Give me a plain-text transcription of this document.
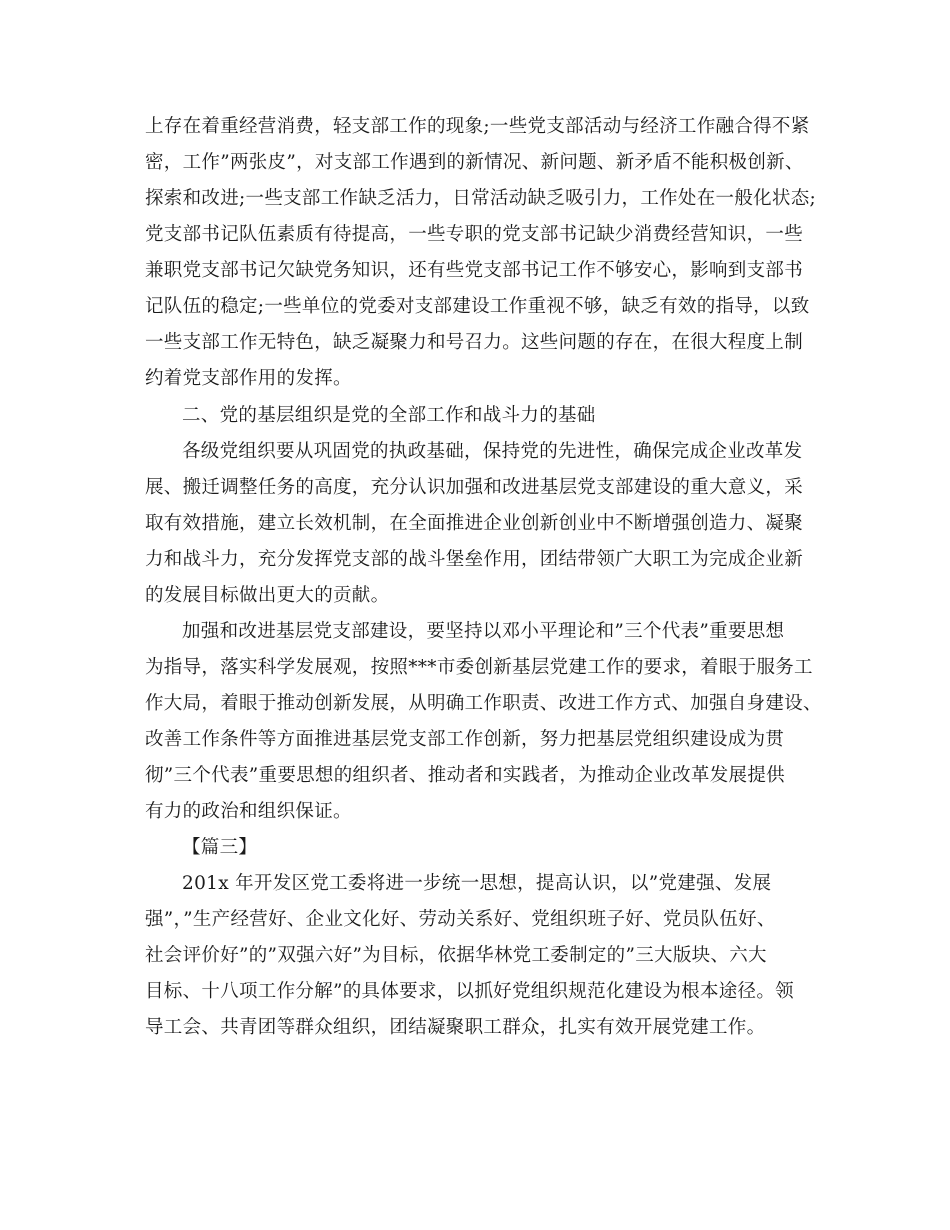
上存在着重经营消费，轻支部工作的现象;一些党支部活动与经济工作融合得不紧
密，工作”两张皮”，对支部工作遇到的新情况、新问题、新矛盾不能积极创新、
探索和改进;一些支部工作缺乏活力，日常活动缺乏吸引力，工作处在一般化状态;
党支部书记队伍素质有待提高，一些专职的党支部书记缺少消费经营知识，一些
兼职党支部书记欠缺党务知识，还有些党支部书记工作不够安心，影响到支部书
记队伍的稳定;一些单位的党委对支部建设工作重视不够，缺乏有效的指导，以致
一些支部工作无特色，缺乏凝聚力和号召力。这些问题的存在，在很大程度上制
约着党支部作用的发挥。
二、党的基层组织是党的全部工作和战斗力的基础
各级党组织要从巩固党的执政基础，保持党的先进性，确保完成企业改革发
展、搬迁调整任务的高度，充分认识加强和改进基层党支部建设的重大意义，采
取有效措施，建立长效机制，在全面推进企业创新创业中不断增强创造力、凝聚
力和战斗力，充分发挥党支部的战斗堡垒作用，团结带领广大职工为完成企业新
的发展目标做出更大的贡献。
加强和改进基层党支部建设，要坚持以邓小平理论和”三个代表”重要思想
为指导，落实科学发展观，按照***市委创新基层党建工作的要求，着眼于服务工
作大局，着眼于推动创新发展，从明确工作职责、改进工作方式、加强自身建设、
改善工作条件等方面推进基层党支部工作创新，努力把基层党组织建设成为贯
彻”三个代表”重要思想的组织者、推动者和实践者，为推动企业改革发展提供
有力的政治和组织保证。
【篇三】
201x 年开发区党工委将进一步统一思想，提高认识，以”党建强、发展
强”，”生产经营好、企业文化好、劳动关系好、党组织班子好、党员队伍好、
社会评价好”的”双强六好”为目标，依据华林党工委制定的”三大版块、六大
目标、十八项工作分解”的具体要求，以抓好党组织规范化建设为根本途径。领
导工会、共青团等群众组织，团结凝聚职工群众，扎实有效开展党建工作。
